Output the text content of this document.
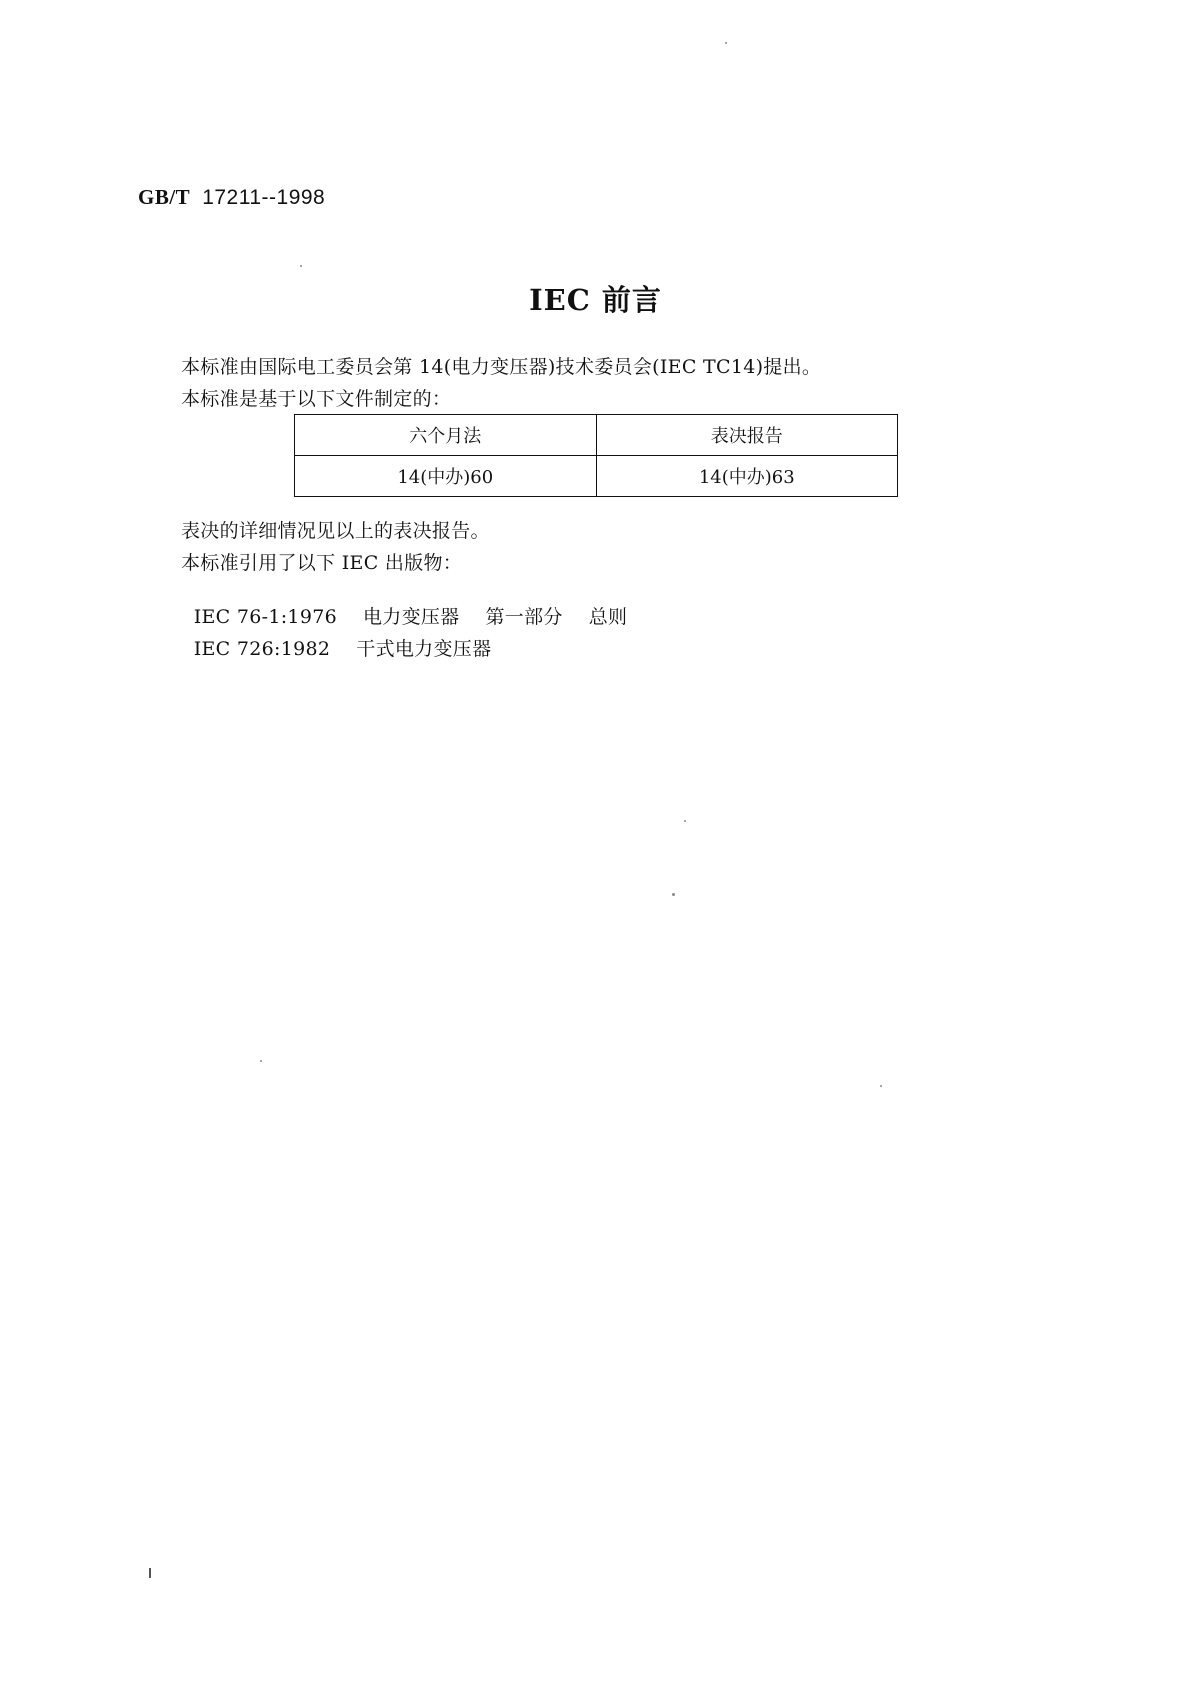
GB/T 17211--1998
IEC 前言
本标准由国际电工委员会第 14(电力变压器)技术委员会(IEC TC14)提出。
本标准是基于以下文件制定的：
六个月法	表决报告
14(中办)60	14(中办)63
表决的详细情况见以上的表决报告。
本标准引用了以下 IEC 出版物：

IEC 76-1:1976 电力变压器 第一部分 总则

IEC 726:1982 干式电力变压器
